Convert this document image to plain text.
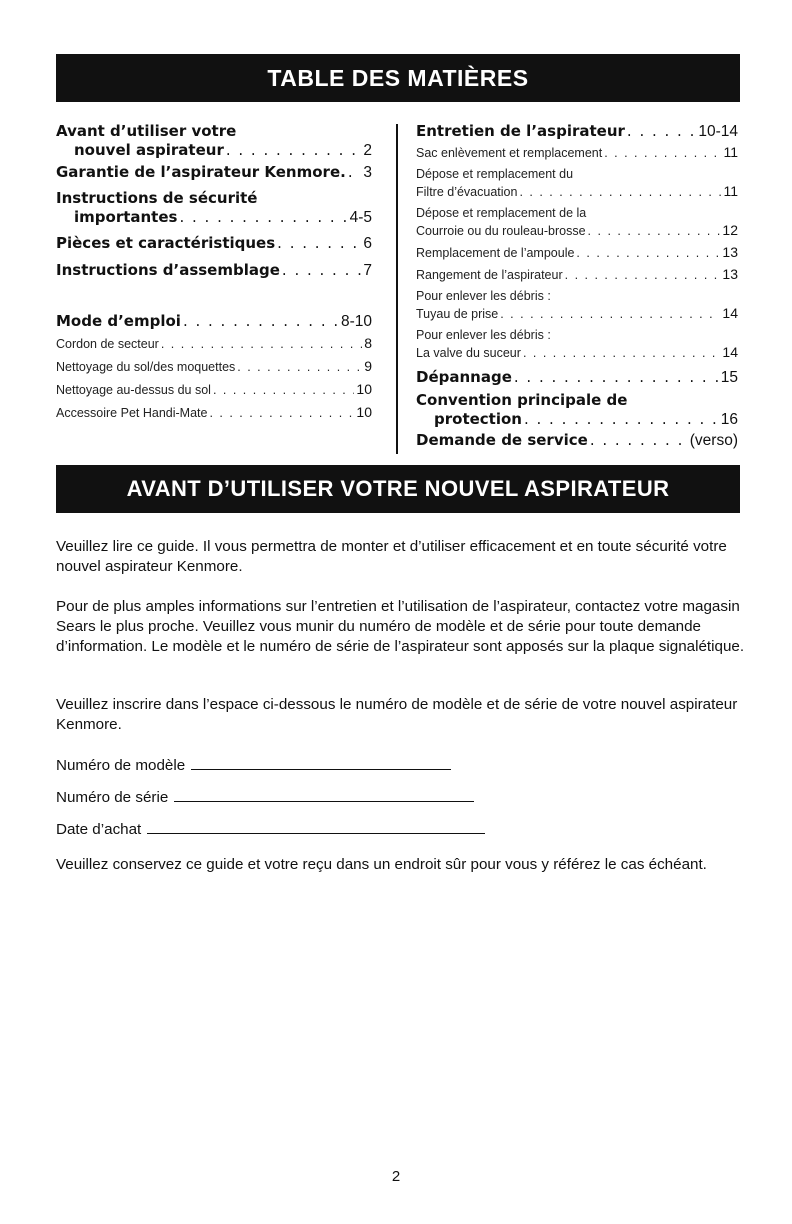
TABLE DES MATIÈRES
Avant d’utiliser votre
nouvel aspirateur . . .	2
Garantie de l’aspirateur Kenmore. . . . 3
Instructions de sécurité
importantes . . .	4-5
Pièces et caractéristiques . . .	6
Instructions d’assemblage . . .	7
Mode d’emploi . . .	8-10
Cordon de secteur . . .	8
Nettoyage du sol/des moquettes . . .	9
Nettoyage au-dessus du sol . . .	10
Accessoire Pet Handi-Mate . . .	10
Entretien de l’aspirateur . . .	10-14
Sac enlèvement et remplacement . . .	11
Dépose et remplacement du
Filtre d’évacuation . . .	11
Dépose et remplacement de la
Courroie ou du rouleau-brosse . . .	12
Remplacement de l’ampoule . . .	13
Rangement de l’aspirateur . . .	13
Pour enlever les débris :
Tuyau de prise . . .	14
Pour enlever les débris :
La valve du suceur . . .	14
Dépannage . . .	15
Convention principale de
protection . . .	16
Demande de service . . .	(verso)
AVANT D’UTILISER VOTRE NOUVEL ASPIRATEUR
Veuillez lire ce guide. Il vous permettra de monter et d’utiliser efficacement et en toute sécurité votre nouvel aspirateur Kenmore.
Pour de plus amples informations sur l’entretien et l’utilisation de l’aspirateur, contactez votre magasin Sears le plus proche. Veuillez vous munir du numéro de modèle et de série pour toute demande d’information. Le modèle et le numéro de série de l’aspirateur sont apposés sur la plaque signalétique.
Veuillez inscrire dans l’espace ci-dessous le numéro de modèle et de série de votre nouvel aspirateur Kenmore.
Numéro de modèle
Numéro de série
Date d’achat
Veuillez conservez ce guide et votre reçu dans un endroit sûr pour vous y référez le cas échéant.
2
